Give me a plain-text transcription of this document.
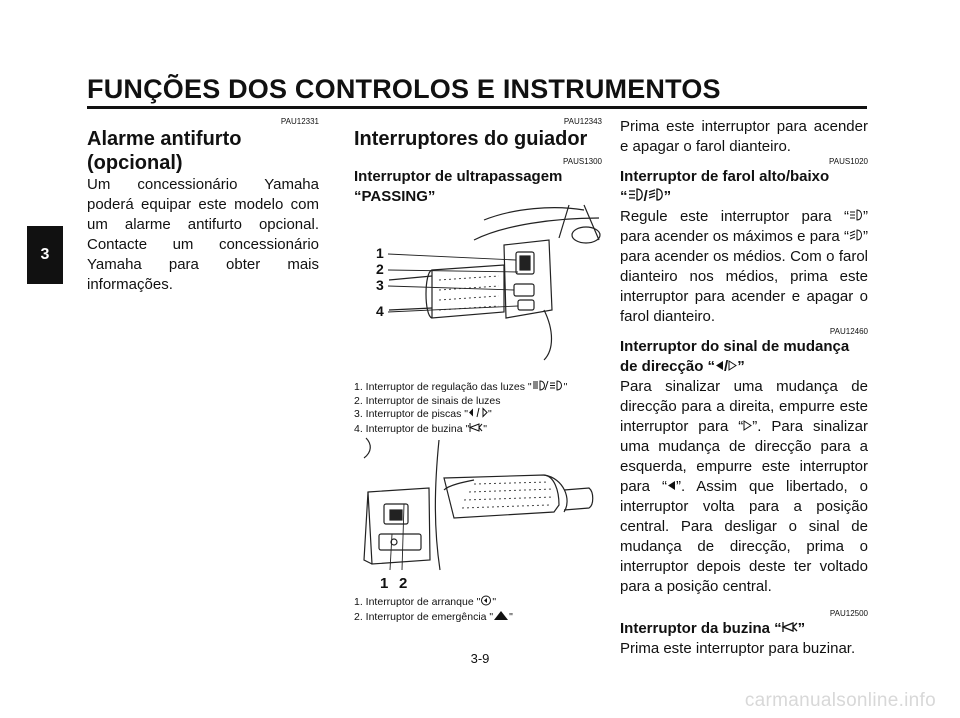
FUNÇÕES DOS CONTROLOS E INSTRUMENTOS
3

PAU12331

Alarme antifurto (opcional)

Um concessionário Yamaha poderá equipar este modelo com um alarme antifurto opcional. Contacte um concessionário Yamaha para obter mais informações.

PAU12343

Interruptores do guiador

PAUS1300

Interruptor de ultrapassagem “PASSING”
1
2
3
4

1. Interruptor de regulação das luzes "	"

2. Interruptor de sinais de luzes

3. Interruptor de piscas " "

4. Interruptor de buzina " "

1 2

1. Interruptor de arranque " "

2. Interruptor de emergência " "

Prima este interruptor para acender e apagar o farol dianteiro.

PAUS1020

Interruptor de farol alto/baixo
“ / ”

Regule este interruptor para “ ” para acender os máximos e para “ ” para acender os médios. Com o farol dianteiro nos médios, prima este interruptor para acender e apagar o farol dianteiro.

PAU12460

Interruptor do sinal de mudança de direcção “ / ”

Para sinalizar uma mudança de direcção para a direita, empurre este interruptor para “ ”. Para sinalizar uma mudança de direcção para a esquerda, empurre este interruptor para “ ”. Assim que libertado, o interruptor volta para a posição central. Para desligar o sinal de mudança de direcção, prima o interruptor depois deste ter voltado para a posição central.

PAU12500

Interruptor da buzina “ ”

Prima este interruptor para buzinar.

3-9
carmanualsonline.info
